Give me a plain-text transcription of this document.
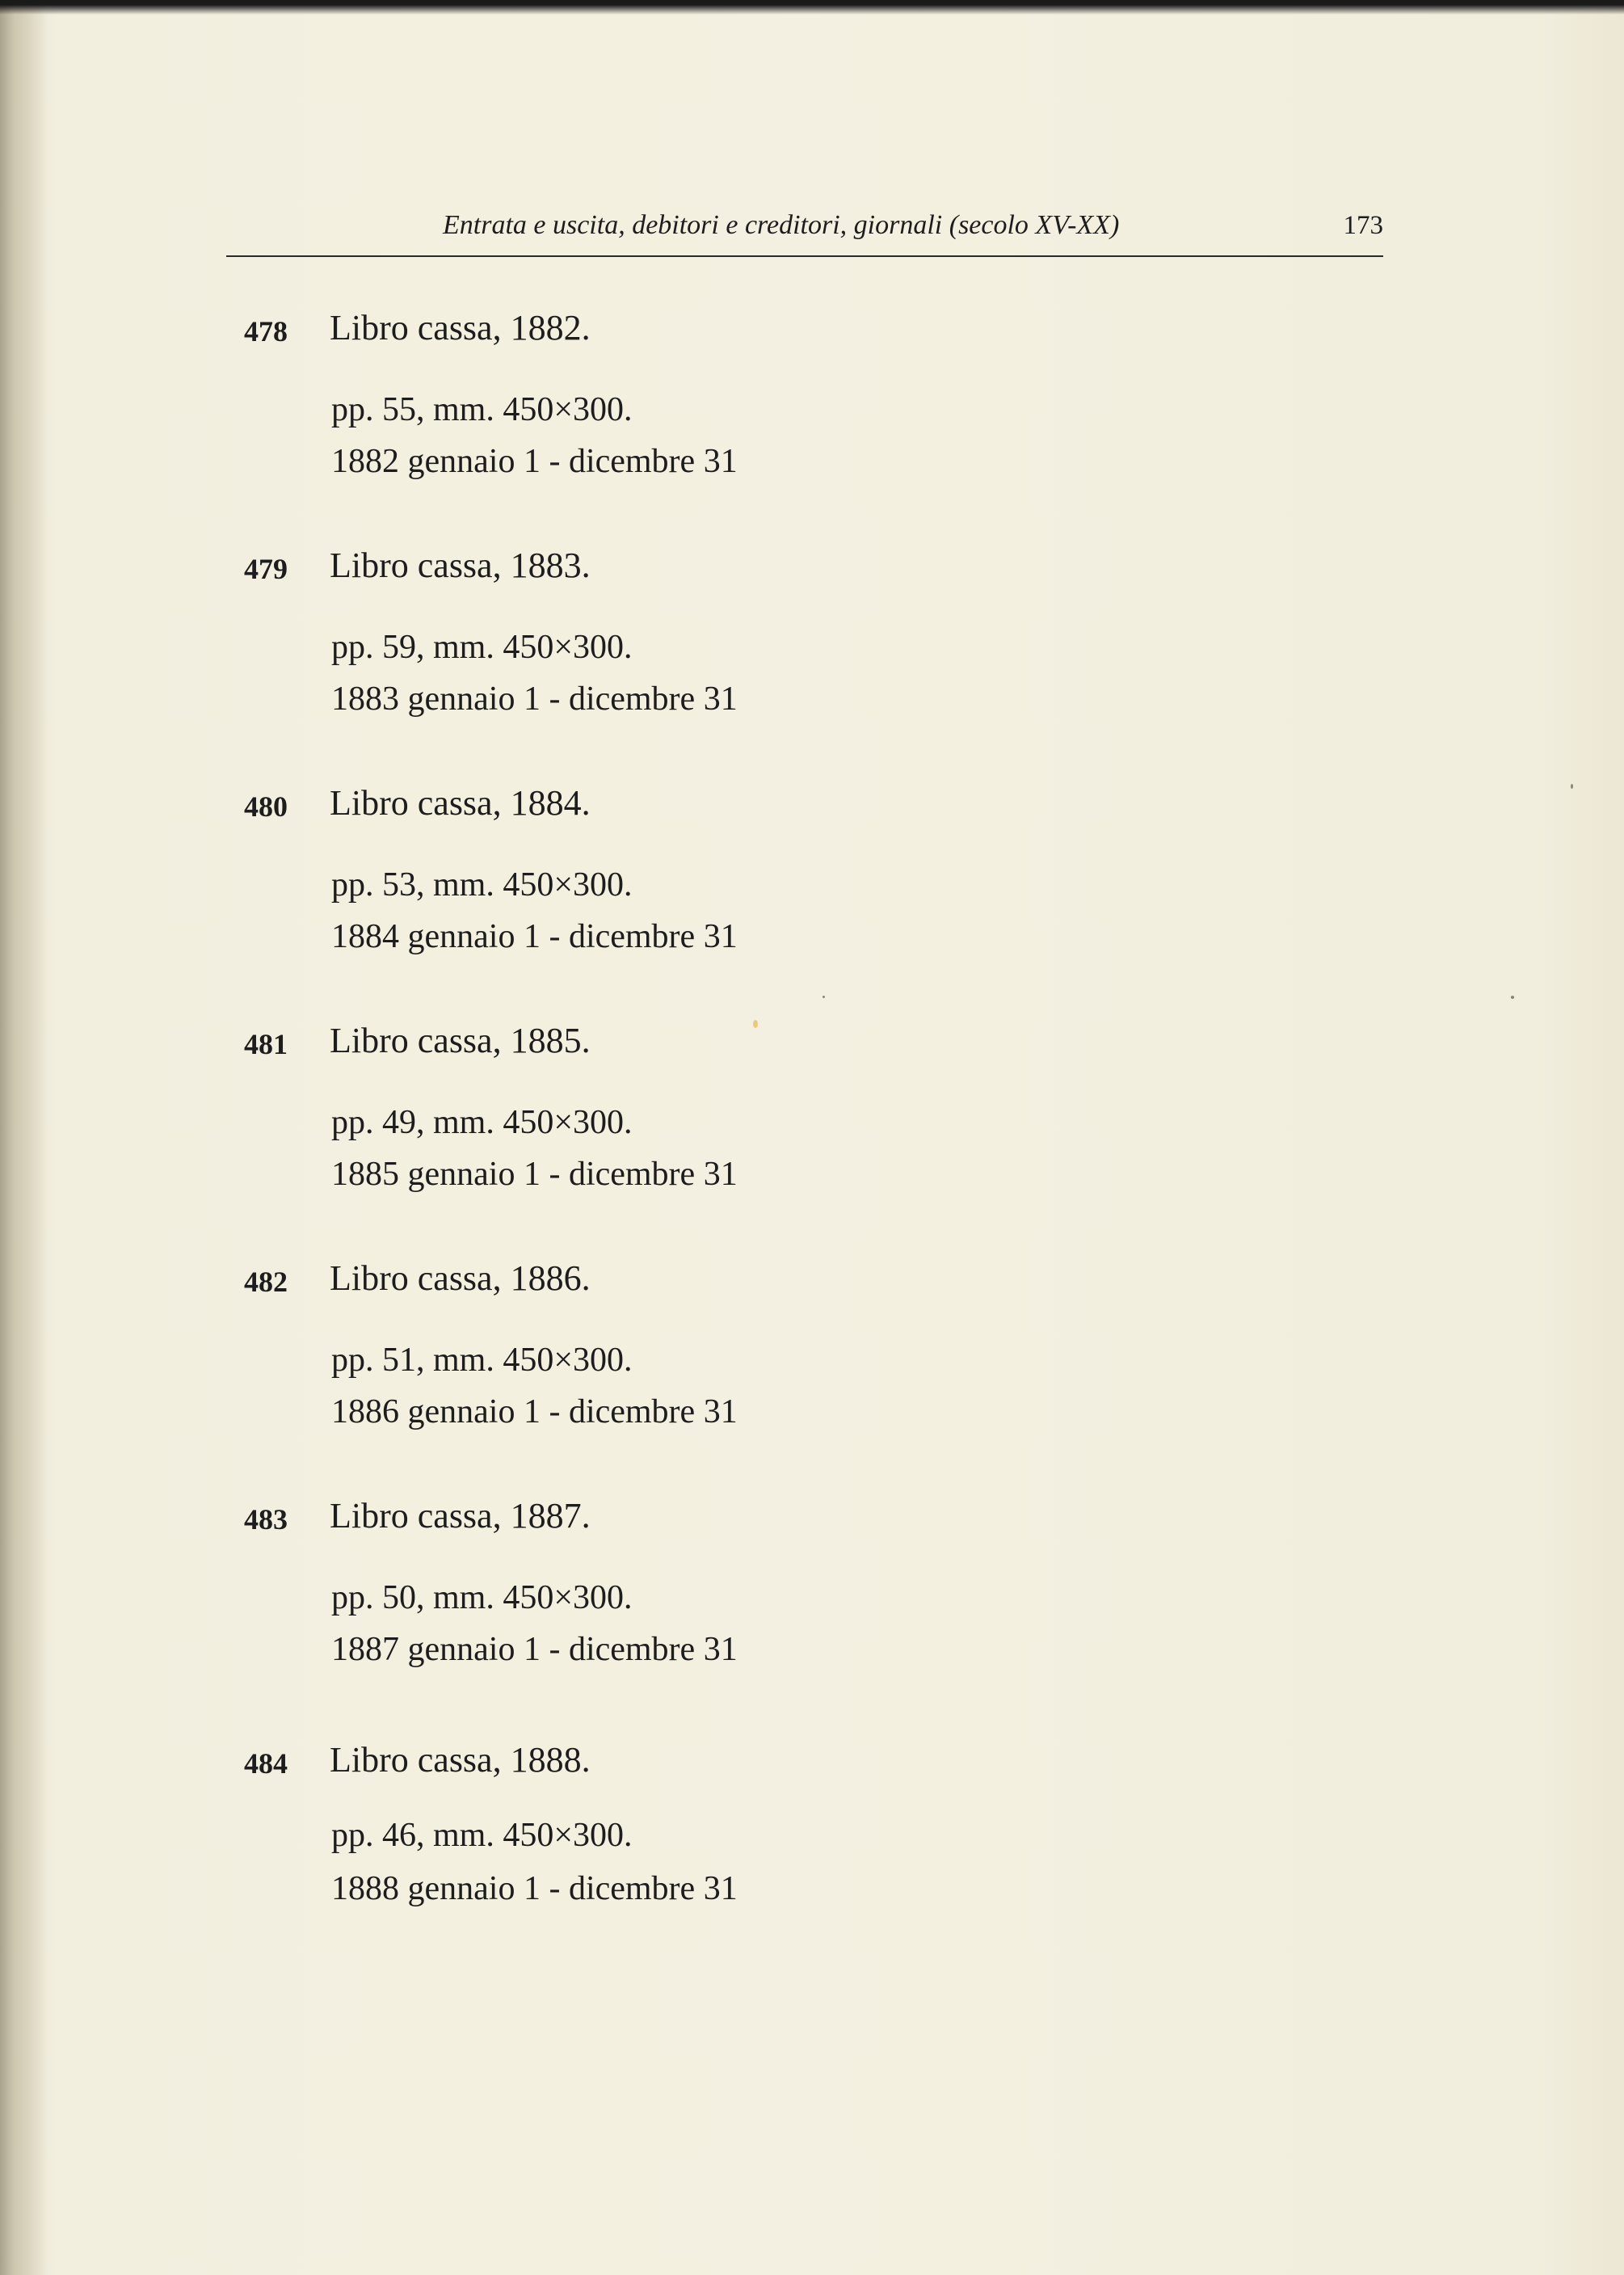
Entrata e uscita, debitori e creditori, giornali (secolo XV-XX)	173
478 Libro cassa, 1882.
pp. 55, mm. 450×300.
1882 gennaio 1 - dicembre 31
479 Libro cassa, 1883.
pp. 59, mm. 450×300.
1883 gennaio 1 - dicembre 31
480 Libro cassa, 1884.
pp. 53, mm. 450×300.
1884 gennaio 1 - dicembre 31
481 Libro cassa, 1885.
pp. 49, mm. 450×300.
1885 gennaio 1 - dicembre 31
482 Libro cassa, 1886.
pp. 51, mm. 450×300.
1886 gennaio 1 - dicembre 31
483 Libro cassa, 1887.
pp. 50, mm. 450×300.
1887 gennaio 1 - dicembre 31
484 Libro cassa, 1888.
pp. 46, mm. 450×300.
1888 gennaio 1 - dicembre 31
